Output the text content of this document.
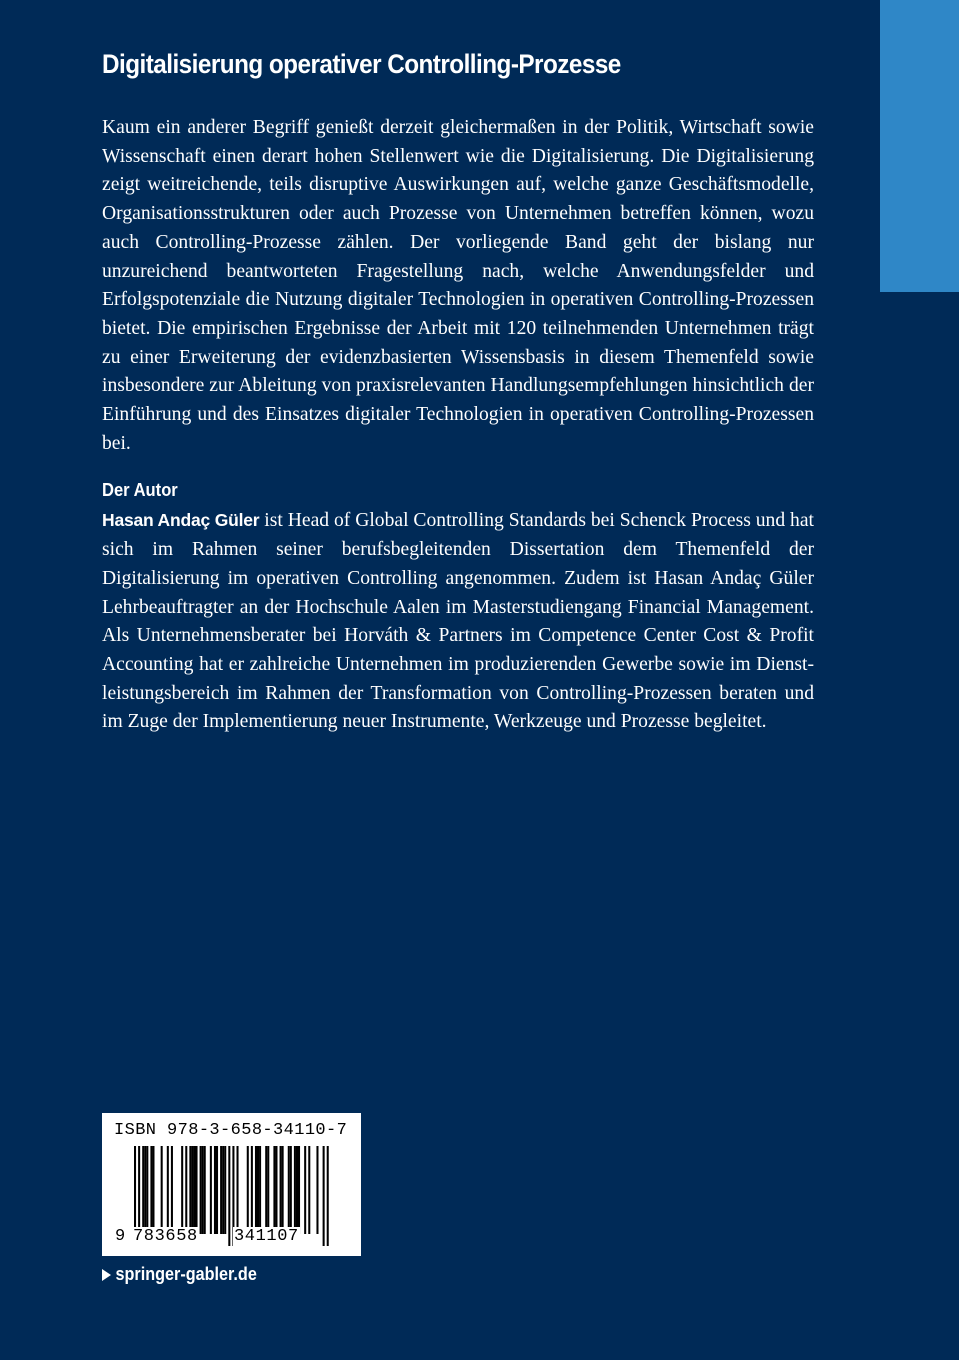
Digitalisierung operativer Controlling-Prozesse

Kaum ein anderer Begriff genießt derzeit gleichermaßen in der Politik, Wirtschaft sowie Wissenschaft einen derart hohen Stellenwert wie die Digitalisierung. Die Digitalisierung zeigt weitreichende, teils disruptive Auswirkungen auf, welche ganze Geschäftsmodelle, Organisationsstrukturen oder auch Prozesse von Unternehmen betreffen können, wozu auch Controlling-Prozesse zählen. Der vorliegende Band geht der bislang nur unzureichend beantworteten Fragestellung nach, welche Anwendungsfelder und Erfolgspotenziale die Nutzung digitaler Technologien in operativen Controlling-Prozessen bietet. Die empirischen Ergebnisse der Arbeit mit 120 teilnehmenden Unternehmen trägt zu einer Erweiterung der evidenzbasierten Wissensbasis in diesem Themenfeld sowie insbesondere zur Ableitung von praxisrelevanten Handlungsempfehlungen hinsichtlich der Einführung und des Einsatzes digitaler Technologien in operativen Controlling-Prozessen bei.

Der Autor

Hasan Andaç Güler ist Head of Global Controlling Standards bei Schenck Process und hat sich im Rahmen seiner berufsbegleitenden Dissertation dem Themenfeld der Digitalisierung im operativen Controlling angenommen. Zudem ist Hasan Andaç Güler Lehrbeauftragter an der Hochschule Aalen im Masterstudiengang Financial Management. Als Unternehmensberater bei Horváth & Partners im Competence Center Cost & Profit Accounting hat er zahlreiche Unternehmen im produzierenden Gewerbe sowie im Dienstleistungsbereich im Rahmen der Transformation von Controlling-Prozessen beraten und im Zuge der Implementierung neuer Instrumente, Werkzeuge und Prozesse begleitet.

ISBN 978-3-658-34110-7
9 783658 341107
springer-gabler.de
